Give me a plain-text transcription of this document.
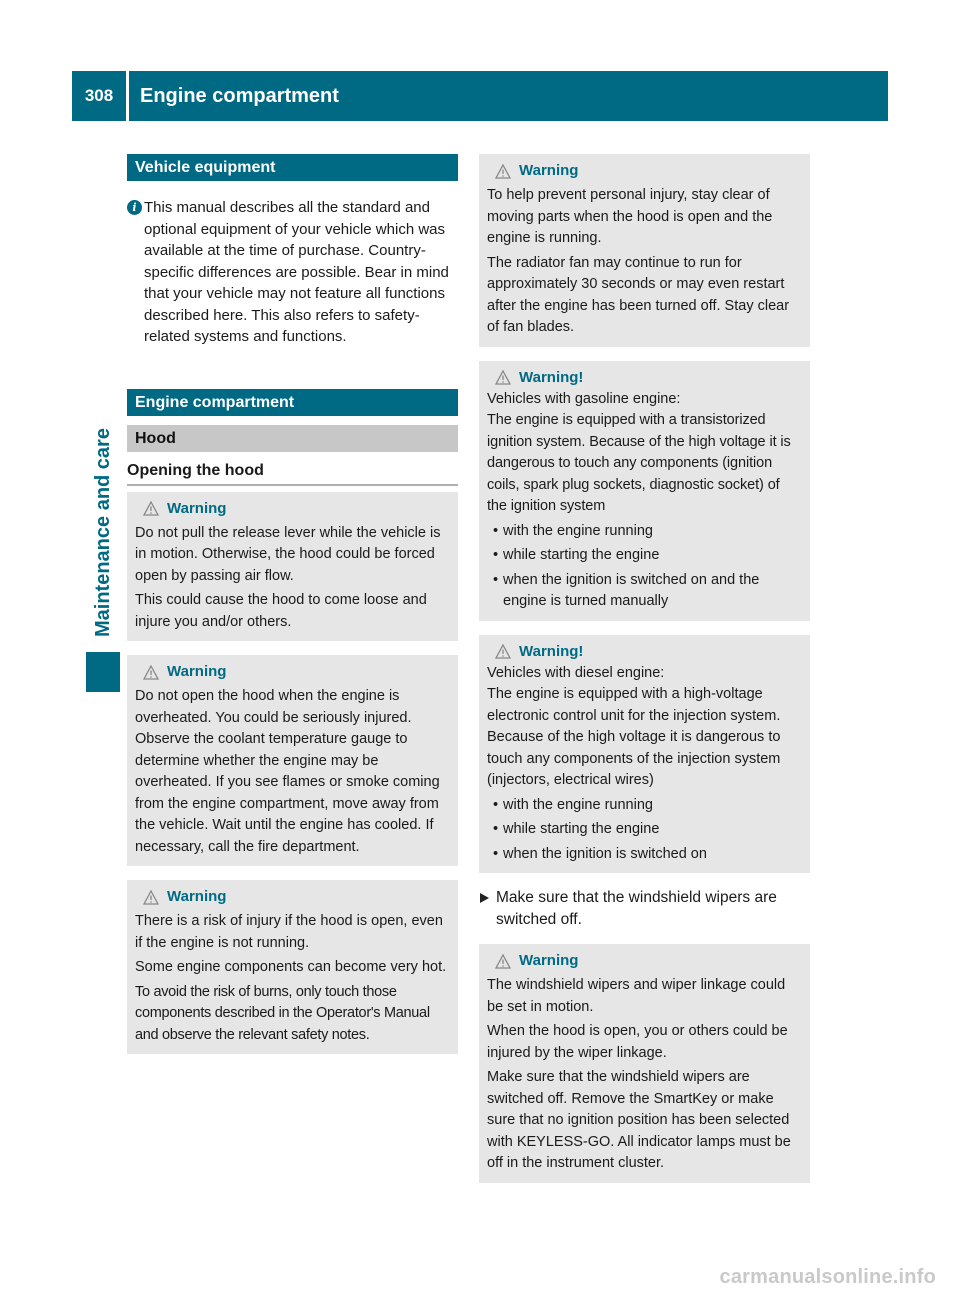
308	Engine compartment
Maintenance and care
Vehicle equipment
i This manual describes all the standard and optional equipment of your vehicle which was available at the time of purchase. Country-specific differences are possible. Bear in mind that your vehicle may not feature all functions described here. This also refers to safety-related systems and functions.
Engine compartment
Hood
Opening the hood
Warning

Do not pull the release lever while the vehicle is in motion. Otherwise, the hood could be forced open by passing air flow.

This could cause the hood to come loose and injure you and/or others.

Warning

Do not open the hood when the engine is overheated. You could be seriously injured. Observe the coolant temperature gauge to determine whether the engine may be overheated. If you see flames or smoke coming from the engine compartment, move away from the vehicle. Wait until the engine has cooled. If necessary, call the fire department.

Warning

There is a risk of injury if the hood is open, even if the engine is not running.

Some engine components can become very hot.

To avoid the risk of burns, only touch those components described in the Operator's Manual and observe the relevant safety notes.

Warning

To help prevent personal injury, stay clear of moving parts when the hood is open and the engine is running.

The radiator fan may continue to run for approximately 30 seconds or may even restart after the engine has been turned off. Stay clear of fan blades.

Warning!
Vehicles with gasoline engine:
The engine is equipped with a transistorized ignition system. Because of the high voltage it is dangerous to touch any components (ignition coils, spark plug sockets, diagnostic socket) of the ignition system
• with the engine running
• while starting the engine
• when the ignition is switched on and the engine is turned manually
Warning!
Vehicles with diesel engine:
The engine is equipped with a high-voltage electronic control unit for the injection system. Because of the high voltage it is dangerous to touch any components of the injection system (injectors, electrical wires)
• with the engine running
• while starting the engine
• when the ignition is switched on
Make sure that the windshield wipers are switched off.
Warning

The windshield wipers and wiper linkage could be set in motion.

When the hood is open, you or others could be injured by the wiper linkage.

Make sure that the windshield wipers are switched off. Remove the SmartKey or make sure that no ignition position has been selected with KEYLESS-GO. All indicator lamps must be off in the instrument cluster.

carmanualsonline.info
